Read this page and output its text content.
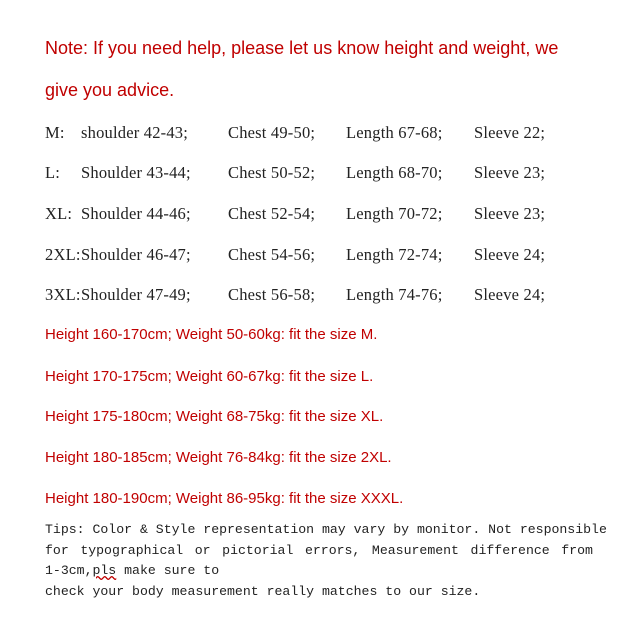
Note: If you need help, please let us know height and weight, we
give you advice.
M: shoulder 42-43; Chest 49-50; Length 67-68; Sleeve 22;
L: Shoulder 43-44; Chest 50-52; Length 68-70; Sleeve 23;
XL: Shoulder 44-46; Chest 52-54; Length 70-72; Sleeve 23;
2XL: Shoulder 46-47; Chest 54-56; Length 72-74; Sleeve 24;
3XL: Shoulder 47-49; Chest 56-58; Length 74-76; Sleeve 24;
Height 160-170cm; Weight 50-60kg: fit the size M.
Height 170-175cm; Weight 60-67kg: fit the size L.
Height 175-180cm; Weight 68-75kg: fit the size XL.
Height 180-185cm; Weight 76-84kg: fit the size 2XL.
Height 180-190cm; Weight 86-95kg: fit the size XXXL.
Tips: Color & Style representation may vary by monitor. Not responsible
for typographical or pictorial errors, Measurement difference from
1-3cm,pls make sure to
check your body measurement really matches to our size.
